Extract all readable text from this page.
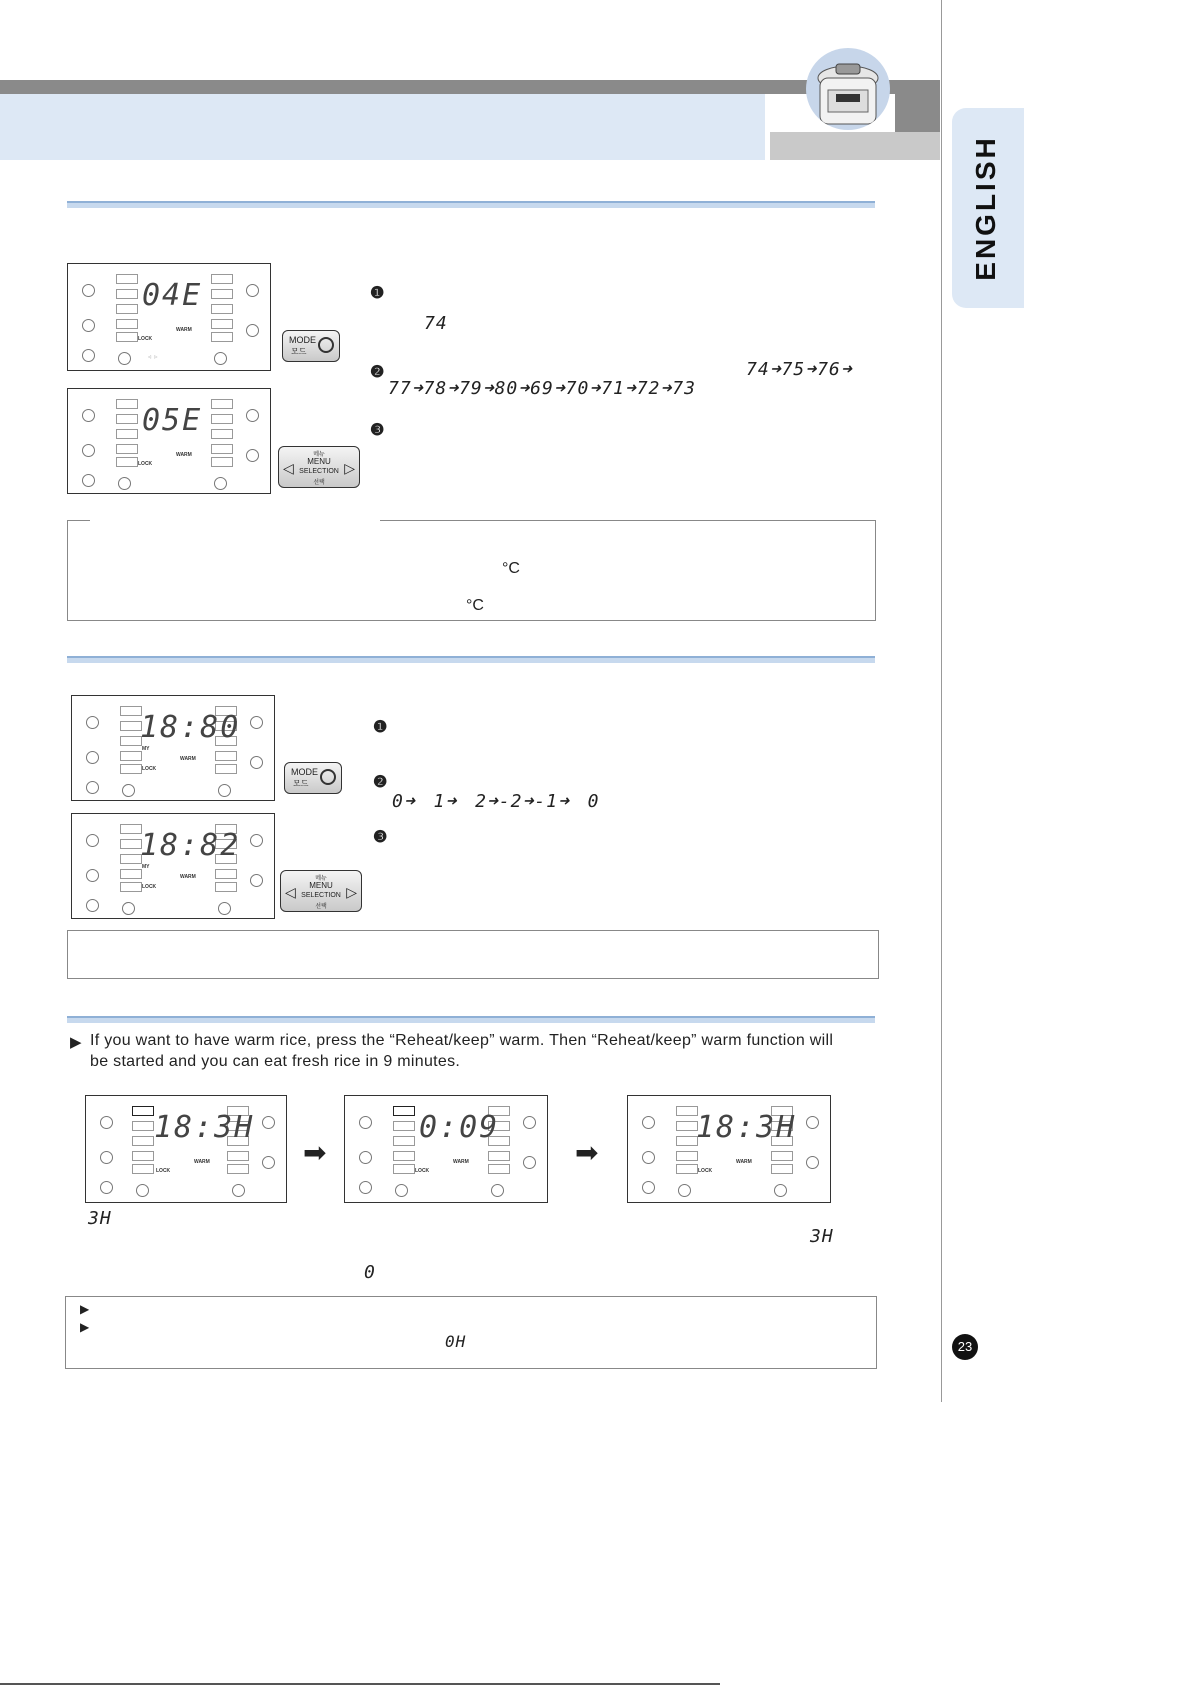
ENGLISH
23
04E
LOCK
WARM
◁   ▷
MODE
모드
05E
LOCK
WARM
◁
메뉴
MENU
SELECTION
선택
▷
❶
74
❷	74➜75➜76➜
77➜78➜79➜80➜69➜70➜71➜72➜73
❸
°C
°C
18:80
MY
WARM
LOCK	MODE
모드
18:82
MY
WARM
LOCK	◁
메뉴
MENU
SELECTION
선택
▷
❶
❷
0➜ 1➜ 2➜-2➜-1➜ 0
❸
▶ If you want to have warm rice, press the “Reheat/keep” warm. Then “Reheat/keep” warm function will
be started and you can eat fresh rice in 9 minutes.
18:3H
WARM
LOCK
➡
0:09
WARM
LOCK
➡
18:3H
WARM
LOCK
3H
3H
0
▶
▶
0H
